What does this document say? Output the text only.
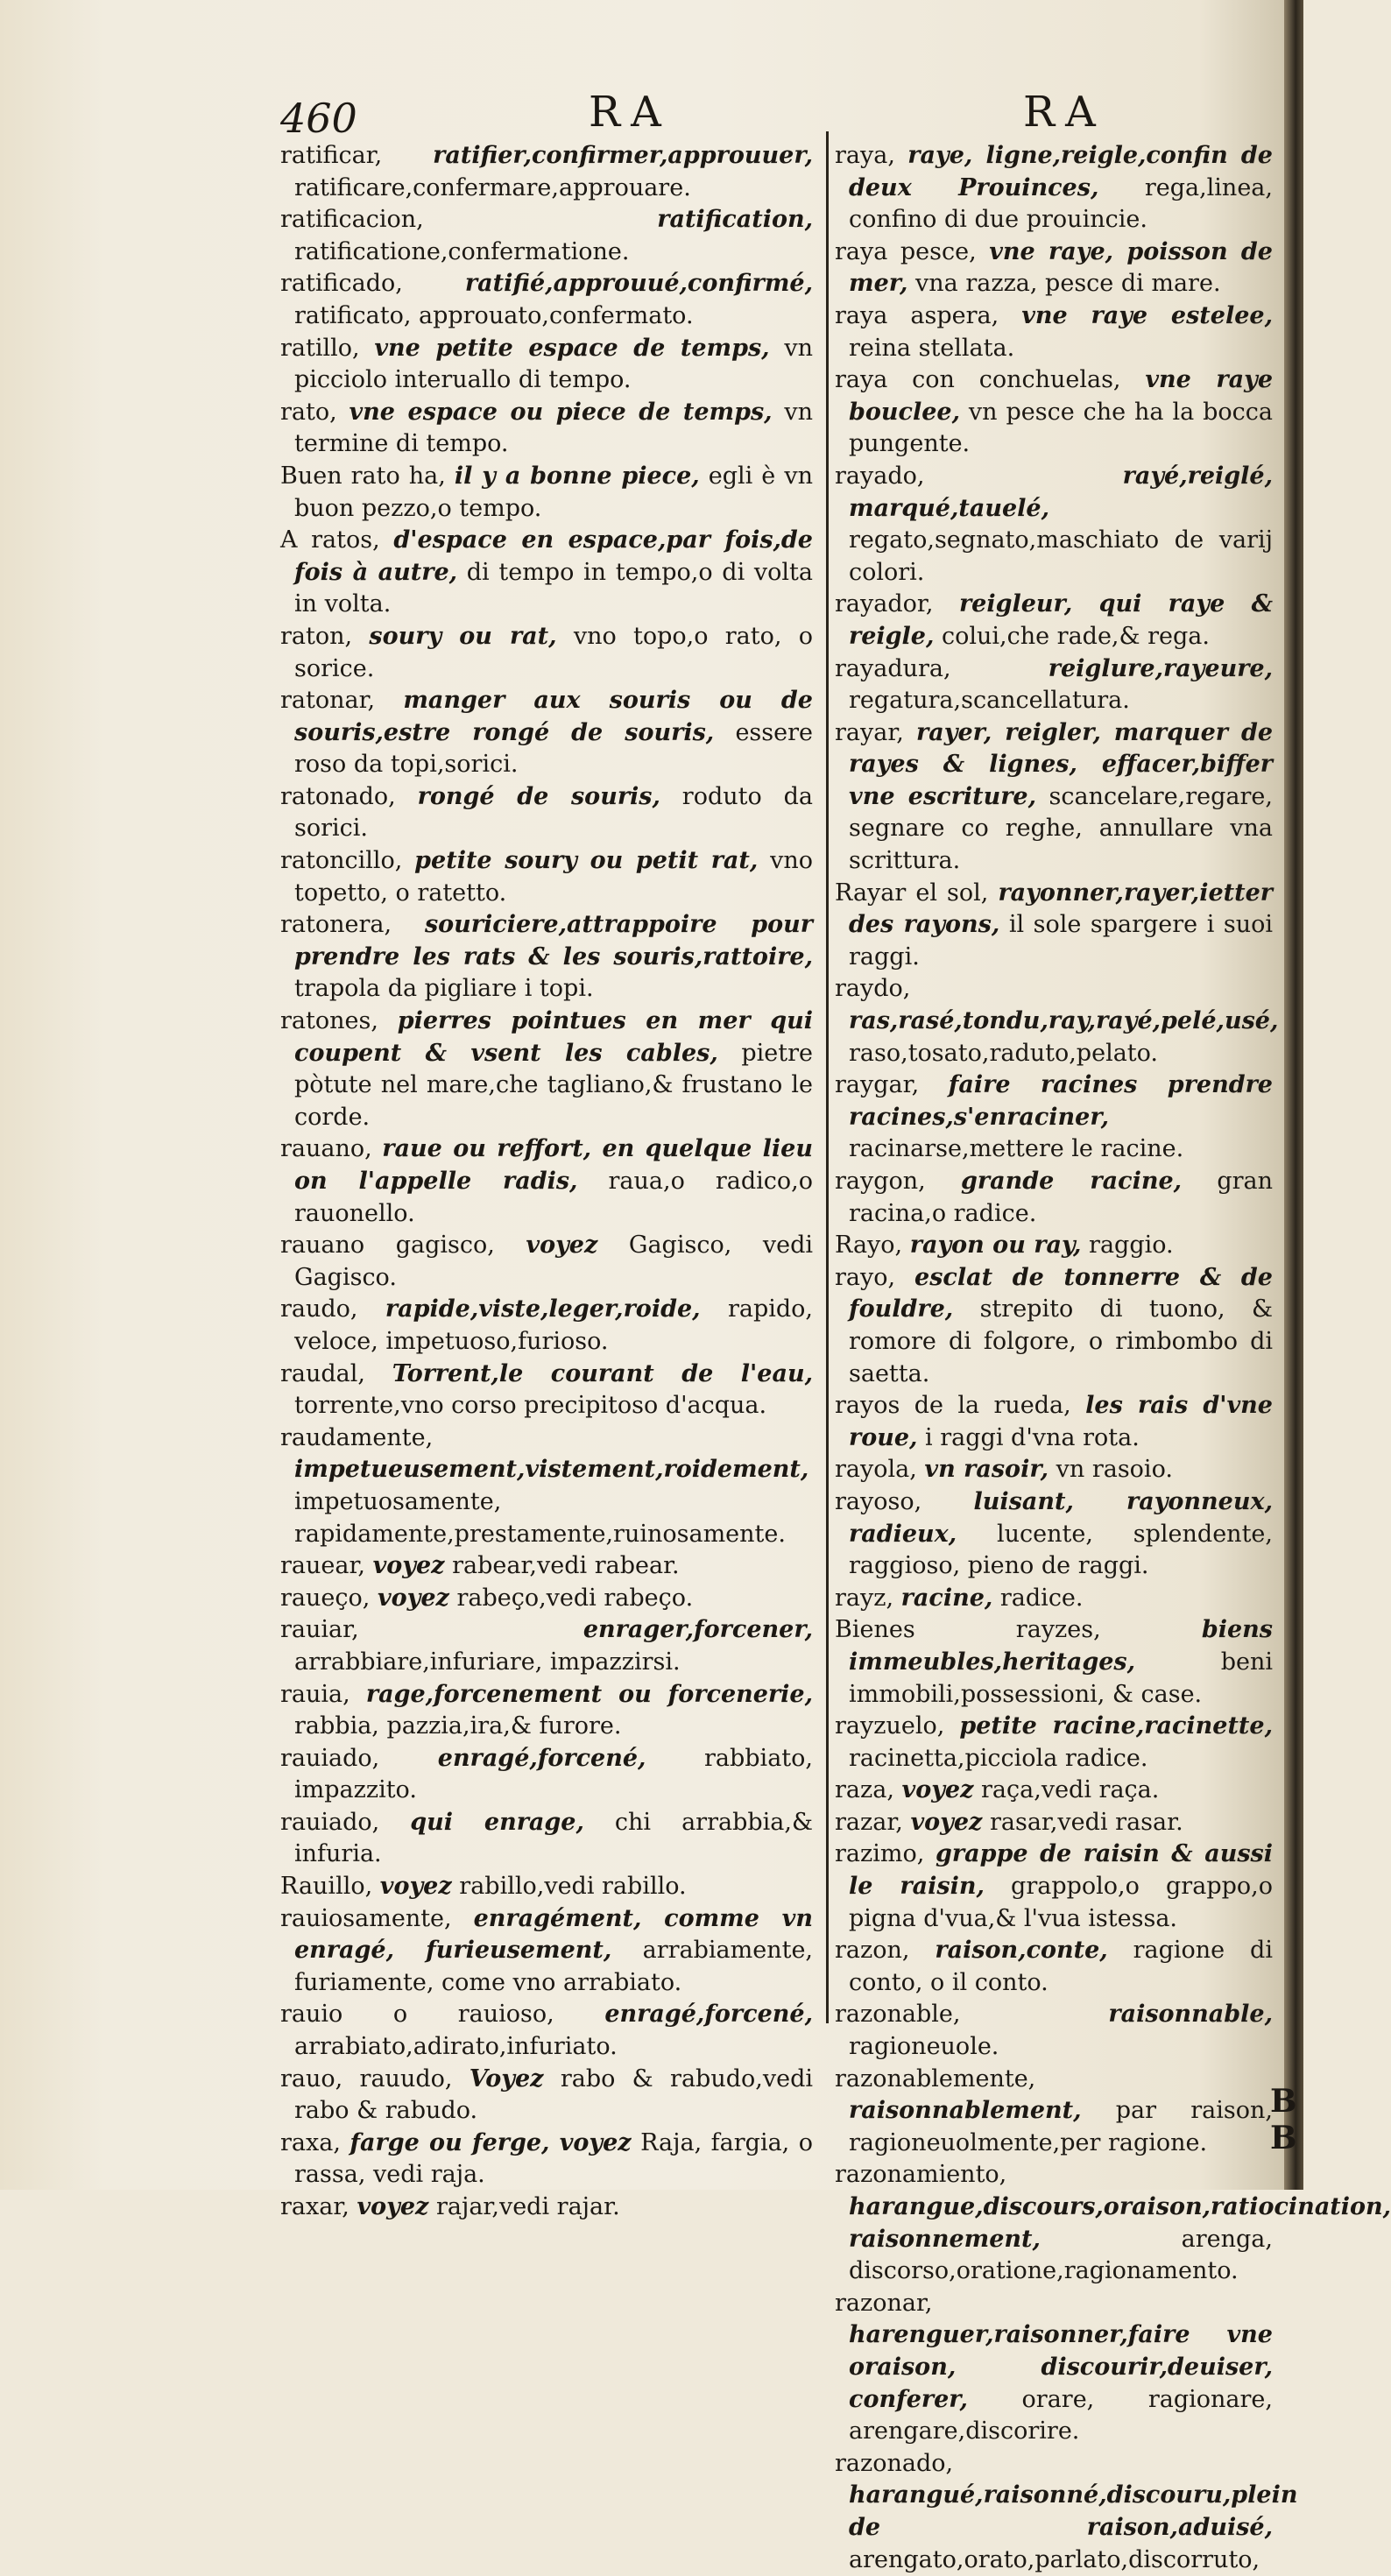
460	RA	RA

ratificar, ratifier,confirmer,approuuer, ratificare,confermare,approuare.

ratificacion,	ratification, ratificatione,confermatione.

ratificado,	ratifié,approuué,confirmé, ratificato, approuato,confermato.

ratillo, vne petite espace de temps, vn picciolo interuallo di tempo.

rato, vne espace ou piece de temps, vn termine di tempo.

Buen rato ha, il y a bonne piece, egli è vn buon pezzo,o tempo.

A ratos, d'espace en espace,par fois,de fois à autre, di tempo in tempo,o di volta in volta.

raton, soury ou rat, vno topo,o rato, o sorice.

ratonar, manger aux souris ou de souris,estre rongé de souris, essere roso da topi,sorici.

ratonado, rongé de souris, roduto da sorici.

ratoncillo, petite soury ou petit rat, vno topetto, o ratetto.

ratonera, souriciere,attrappoire pour prendre les rats & les souris,rattoire, trapola da pigliare i topi.

ratones, pierres pointues en mer qui coupent & vsent les cables, pietre pòtute nel mare,che tagliano,& frustano le corde.

rauano, raue ou reffort, en quelque lieu on l'appelle radis, raua,o radico,o rauonello.

rauano gagisco, voyez Gagisco, vedi Gagisco.

raudo, rapide,viste,leger,roide, rapido, veloce, impetuoso,furioso.

raudal, Torrent,le courant de l'eau, torrente,vno corso precipitoso d'acqua.

raudamente, impetueusement,vistement,roidement, impetuosamente, rapidamente,prestamente,ruinosamente.

rauear, voyez rabear,vedi rabear.

raueço, voyez rabeço,vedi rabeço.

rauiar,	enrager,forcener, arrabbiare,infuriare, impazzirsi.

rauia, rage,forcenement ou forcenerie, rabbia, pazzia,ira,& furore.

rauiado, enragé,forcené, rabbiato, impazzito.

rauiado, qui enrage, chi arrabbia,& infuria.

Rauillo, voyez rabillo,vedi rabillo.

rauiosamente, enragément, comme vn enragé, furieusement, arrabiamente, furiamente, come vno arrabiato.

rauio o rauioso, enragé,forcené, arrabiato,adirato,infuriato.

rauo, rauudo, Voyez rabo & rabudo,vedi rabo & rabudo.

raxa, farge ou ferge, voyez Raja, fargia, o rassa, vedi raja.

raxar, voyez rajar,vedi rajar.

raya, raye, ligne,reigle,confin de deux Prouinces, rega,linea, confino di due prouincie.

raya pesce, vne raye, poisson de mer, vna razza, pesce di mare.

raya aspera, vne raye estelee, reina stellata.

raya con conchuelas, vne raye bouclee, vn pesce che ha la bocca pungente.

rayado,	rayé,reiglé, marqué,tauelé, regato,segnato,maschiato de varij colori.

rayador, reigleur, qui raye & reigle, colui,che rade,& rega.

rayadura,	reiglure,rayeure, regatura,scancellatura.

rayar, rayer, reigler, marquer de rayes & lignes, effacer,biffer vne escriture, scancelare,regare, segnare co reghe, annullare vna scrittura.

Rayar el sol, rayonner,rayer,ietter des rayons, il sole spargere i suoi raggi.

raydo, ras,rasé,tondu,ray,rayé,pelé,usé, raso,tosato,raduto,pelato.

raygar, faire racines prendre racines,s'enraciner, racinarse,mettere le racine.

raygon, grande racine, gran racina,o radice.

Rayo, rayon ou ray, raggio.

rayo, esclat de tonnerre & de fouldre, strepito di tuono, & romore di folgore, o rimbombo di saetta.

rayos de la rueda, les rais d'vne roue, i raggi d'vna rota.

rayola, vn rasoir, vn rasoio.

rayoso, luisant, rayonneux, radieux, lucente, splendente, raggioso, pieno de raggi.

rayz, racine, radice.

Bienes rayzes,	biens immeubles,heritages,	beni immobili,possessioni, & case.

rayzuelo, petite racine,racinette, racinetta,picciola radice.

raza, voyez raça,vedi raça.

razar, voyez rasar,vedi rasar.

razimo, grappe de raisin & aussi le raisin, grappolo,o grappo,o pigna d'vua,& l'vua istessa.

razon, raison,conte, ragione di conto, o il conto.

razonable,	raisonnable, ragioneuole.

razonablemente, raisonnablement, par raison, ragioneuolmente,per ragione.

razonamiento, harangue,discours,oraison,ratiocination, raisonnement,	arenga, discorso,oratione,ragionamento.

razonar, harenguer,raisonner,faire vne oraison, discourir,deuiser, conferer, orare, ragionare, arengare,discorire.

razonado, harangué,raisonné,discouru,plein de raison,aduisé, arengato,orato,parlato,discorruto,

B B
